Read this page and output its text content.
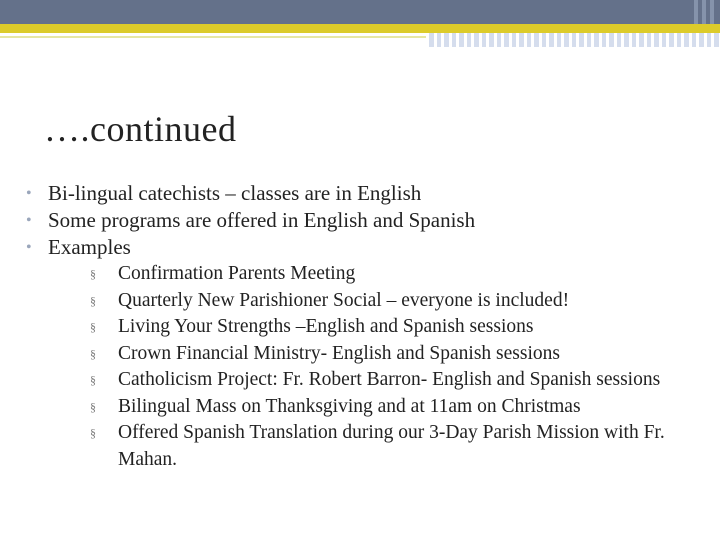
….continued
• Bi-lingual catechists – classes are in English
• Some programs are offered in English and Spanish
• Examples
§ Confirmation Parents Meeting
§ Quarterly New Parishioner Social – everyone is included!
§ Living Your Strengths –English and Spanish sessions
§ Crown Financial Ministry- English and Spanish sessions
§ Catholicism Project: Fr. Robert Barron- English and Spanish sessions
§ Bilingual Mass on Thanksgiving and at 11am on Christmas
§ Offered Spanish Translation during our 3-Day Parish Mission with Fr. Mahan.
